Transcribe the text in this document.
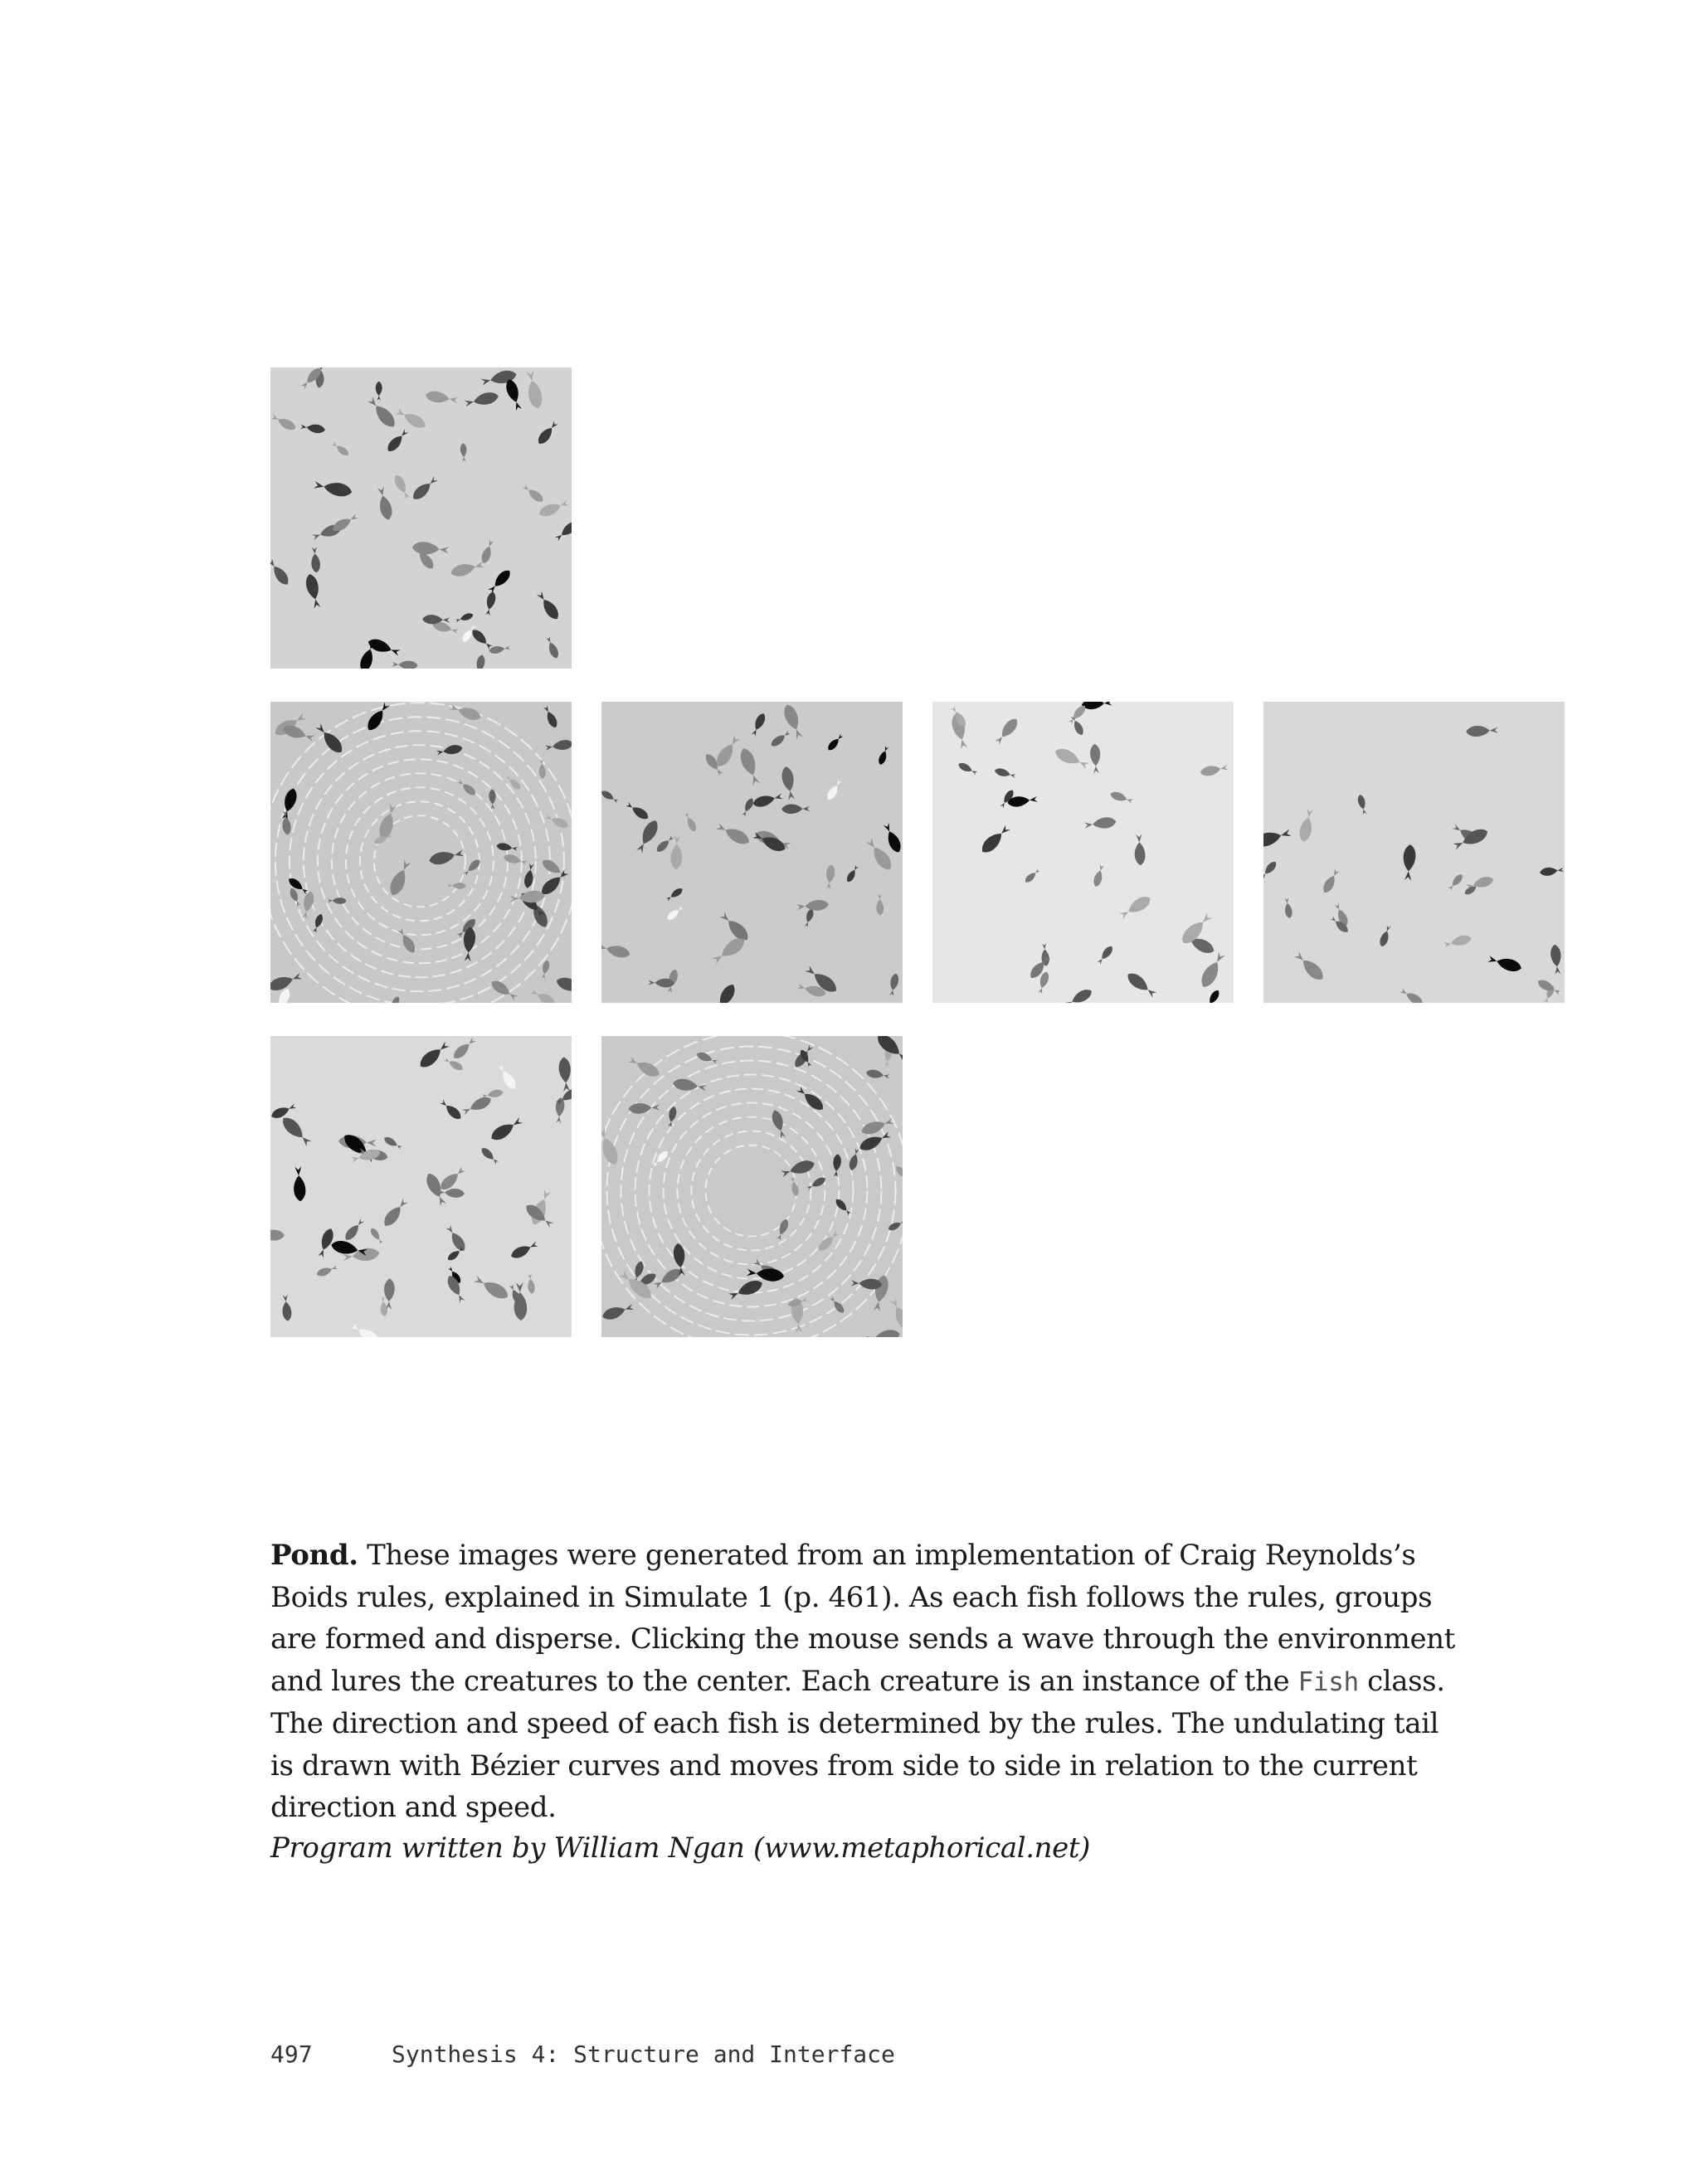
Pond. These images were generated from an implementation of Craig Reynolds’s Boids rules, explained in Simulate 1 (p. 461). As each fish follows the rules, groups are formed and disperse. Clicking the mouse sends a wave through the environment and lures the creatures to the center. Each creature is an instance of the Fish class. The direction and speed of each fish is determined by the rules. The undulating tail is drawn with Bézier curves and moves from side to side in relation to the current direction and speed.

Program written by William Ngan (www.metaphorical.net)

497	Synthesis 4: Structure and Interface
